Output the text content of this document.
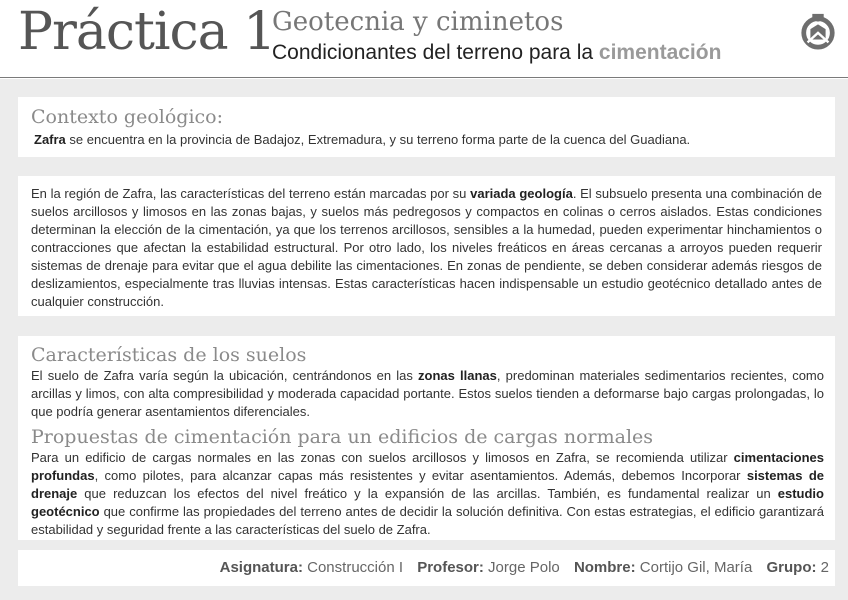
Práctica 1
Geotecnia y ciminetos
Condicionantes del terreno para la cimentación
Contexto geológico:
Zafra se encuentra en la provincia de Badajoz, Extremadura, y su terreno forma parte de la cuenca del Guadiana.
En la región de Zafra, las características del terreno están marcadas por su variada geología. El subsuelo presenta una combinación de suelos arcillosos y limosos en las zonas bajas, y suelos más pedregosos y compactos en colinas o cerros aislados. Estas condiciones determinan la elección de la cimentación, ya que los terrenos arcillosos, sensibles a la humedad, pueden experimentar hinchamientos o contracciones que afectan la estabilidad estructural. Por otro lado, los niveles freáticos en áreas cercanas a arroyos pueden requerir sistemas de drenaje para evitar que el agua debilite las cimentaciones. En zonas de pendiente, se deben considerar además riesgos de deslizamientos, especialmente tras lluvias intensas. Estas características hacen indispensable un estudio geotécnico detallado antes de cualquier construcción.
Características de los suelos
El suelo de Zafra varía según la ubicación, centrándonos en las zonas llanas, predominan materiales sedimentarios recientes, como arcillas y limos, con alta compresibilidad y moderada capacidad portante. Estos suelos tienden a deformarse bajo cargas prolongadas, lo que podría generar asentamientos diferenciales.
Propuestas de cimentación para un edificios de cargas normales
Para un edificio de cargas normales en las zonas con suelos arcillosos y limosos en Zafra, se recomienda utilizar cimentaciones profundas, como pilotes, para alcanzar capas más resistentes y evitar asentamientos. Además, debemos Incorporar sistemas de drenaje que reduzcan los efectos del nivel freático y la expansión de las arcillas. También, es fundamental realizar un estudio geotécnico que confirme las propiedades del terreno antes de decidir la solución definitiva. Con estas estrategias, el edificio garantizará estabilidad y seguridad frente a las características del suelo de Zafra.
Asignatura: Construcción I Profesor: Jorge Polo Nombre: Cortijo Gil, María Grupo: 2
